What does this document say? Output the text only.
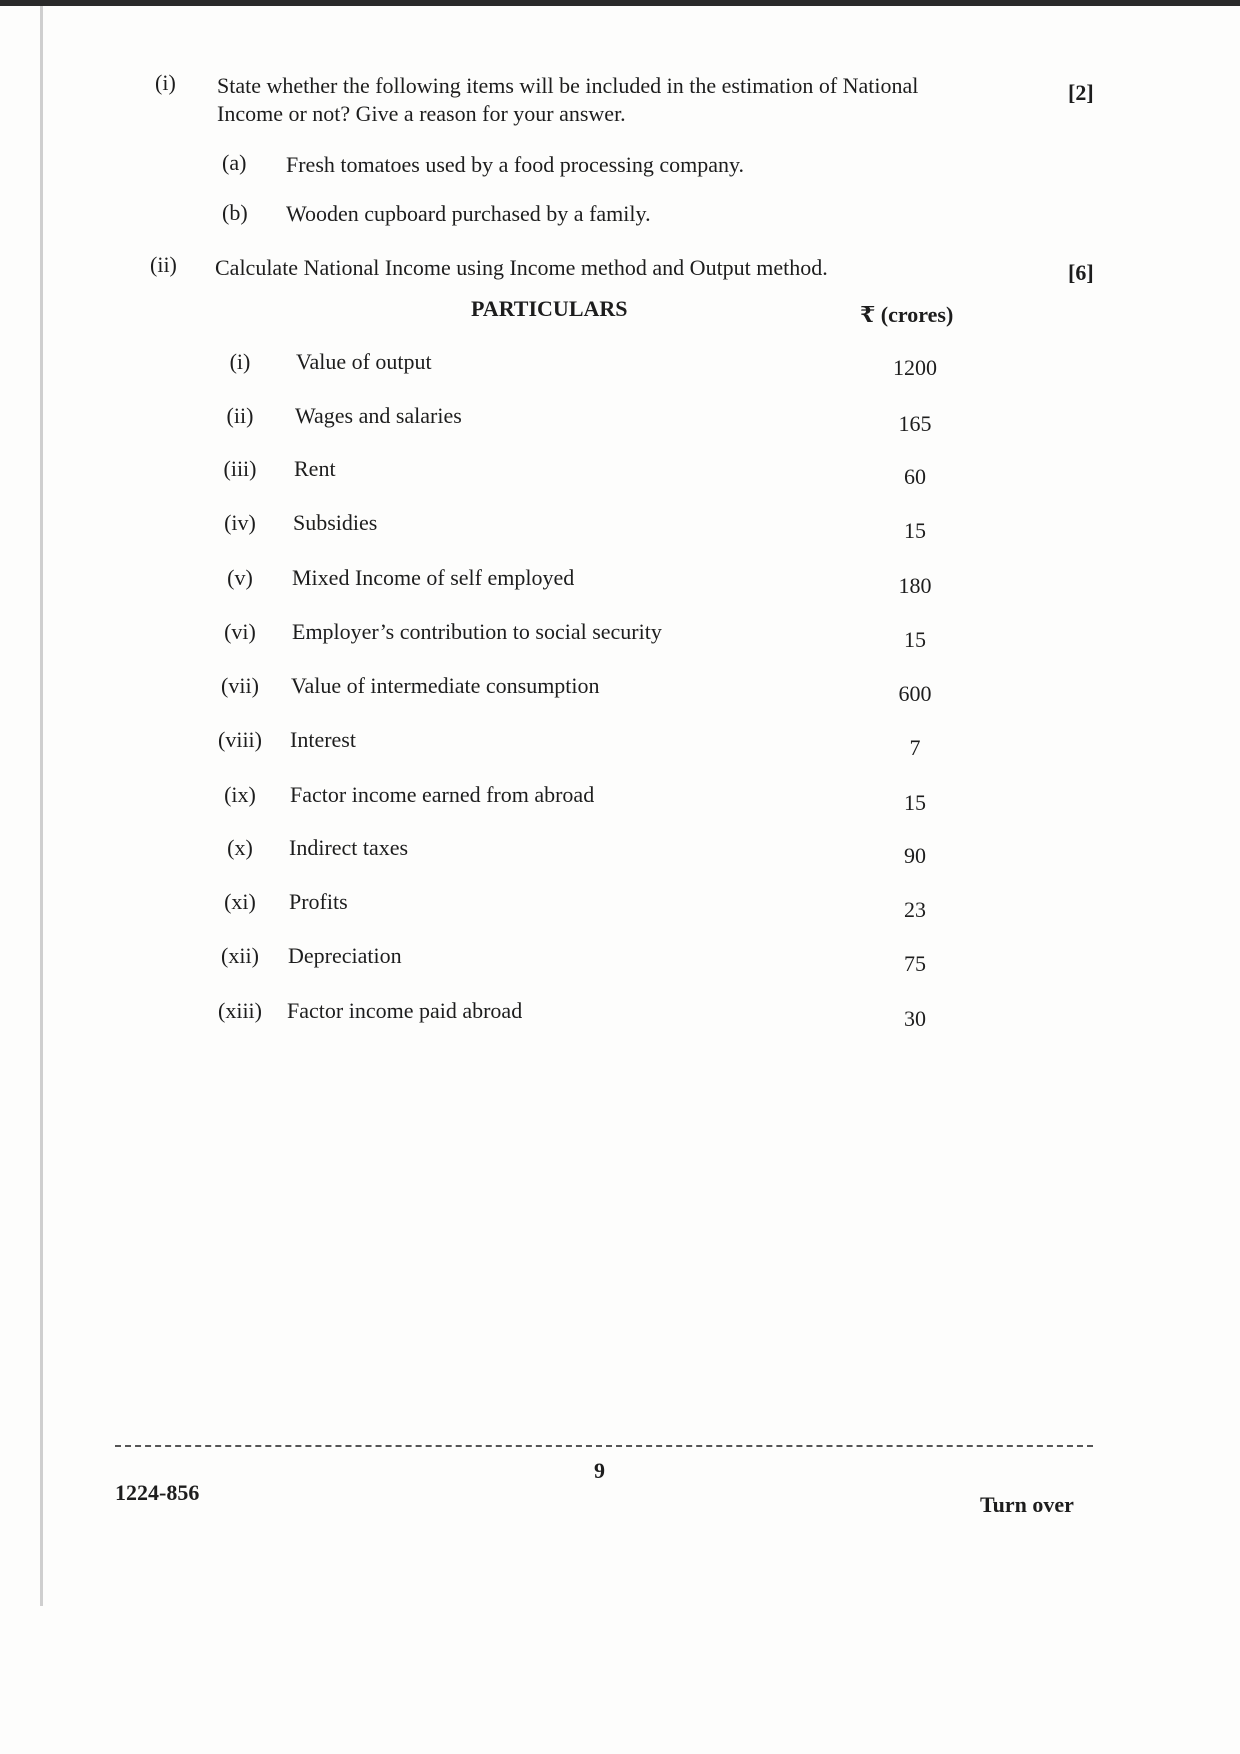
(i) State whether the following items will be included in the estimation of National
Income or not? Give a reason for your answer.
[2]
(a) Fresh tomatoes used by a food processing company.
(b) Wooden cupboard purchased by a family.
(ii) Calculate National Income using Income method and Output method.	[6]
PARTICULARS	₹ (crores)
(i)	Value of output	1200
(ii)	Wages and salaries	165
(iii)	Rent	60
(iv)	Subsidies	15
(v)	Mixed Income of self employed	180
(vi)	Employer’s contribution to social security	15
(vii)	Value of intermediate consumption	600
(viii)	Interest	7
(ix)	Factor income earned from abroad	15
(x)	Indirect taxes	90
(xi)	Profits	23
(xii)	Depreciation	75
(xiii)	Factor income paid abroad	30
9
1224-856	Turn over
